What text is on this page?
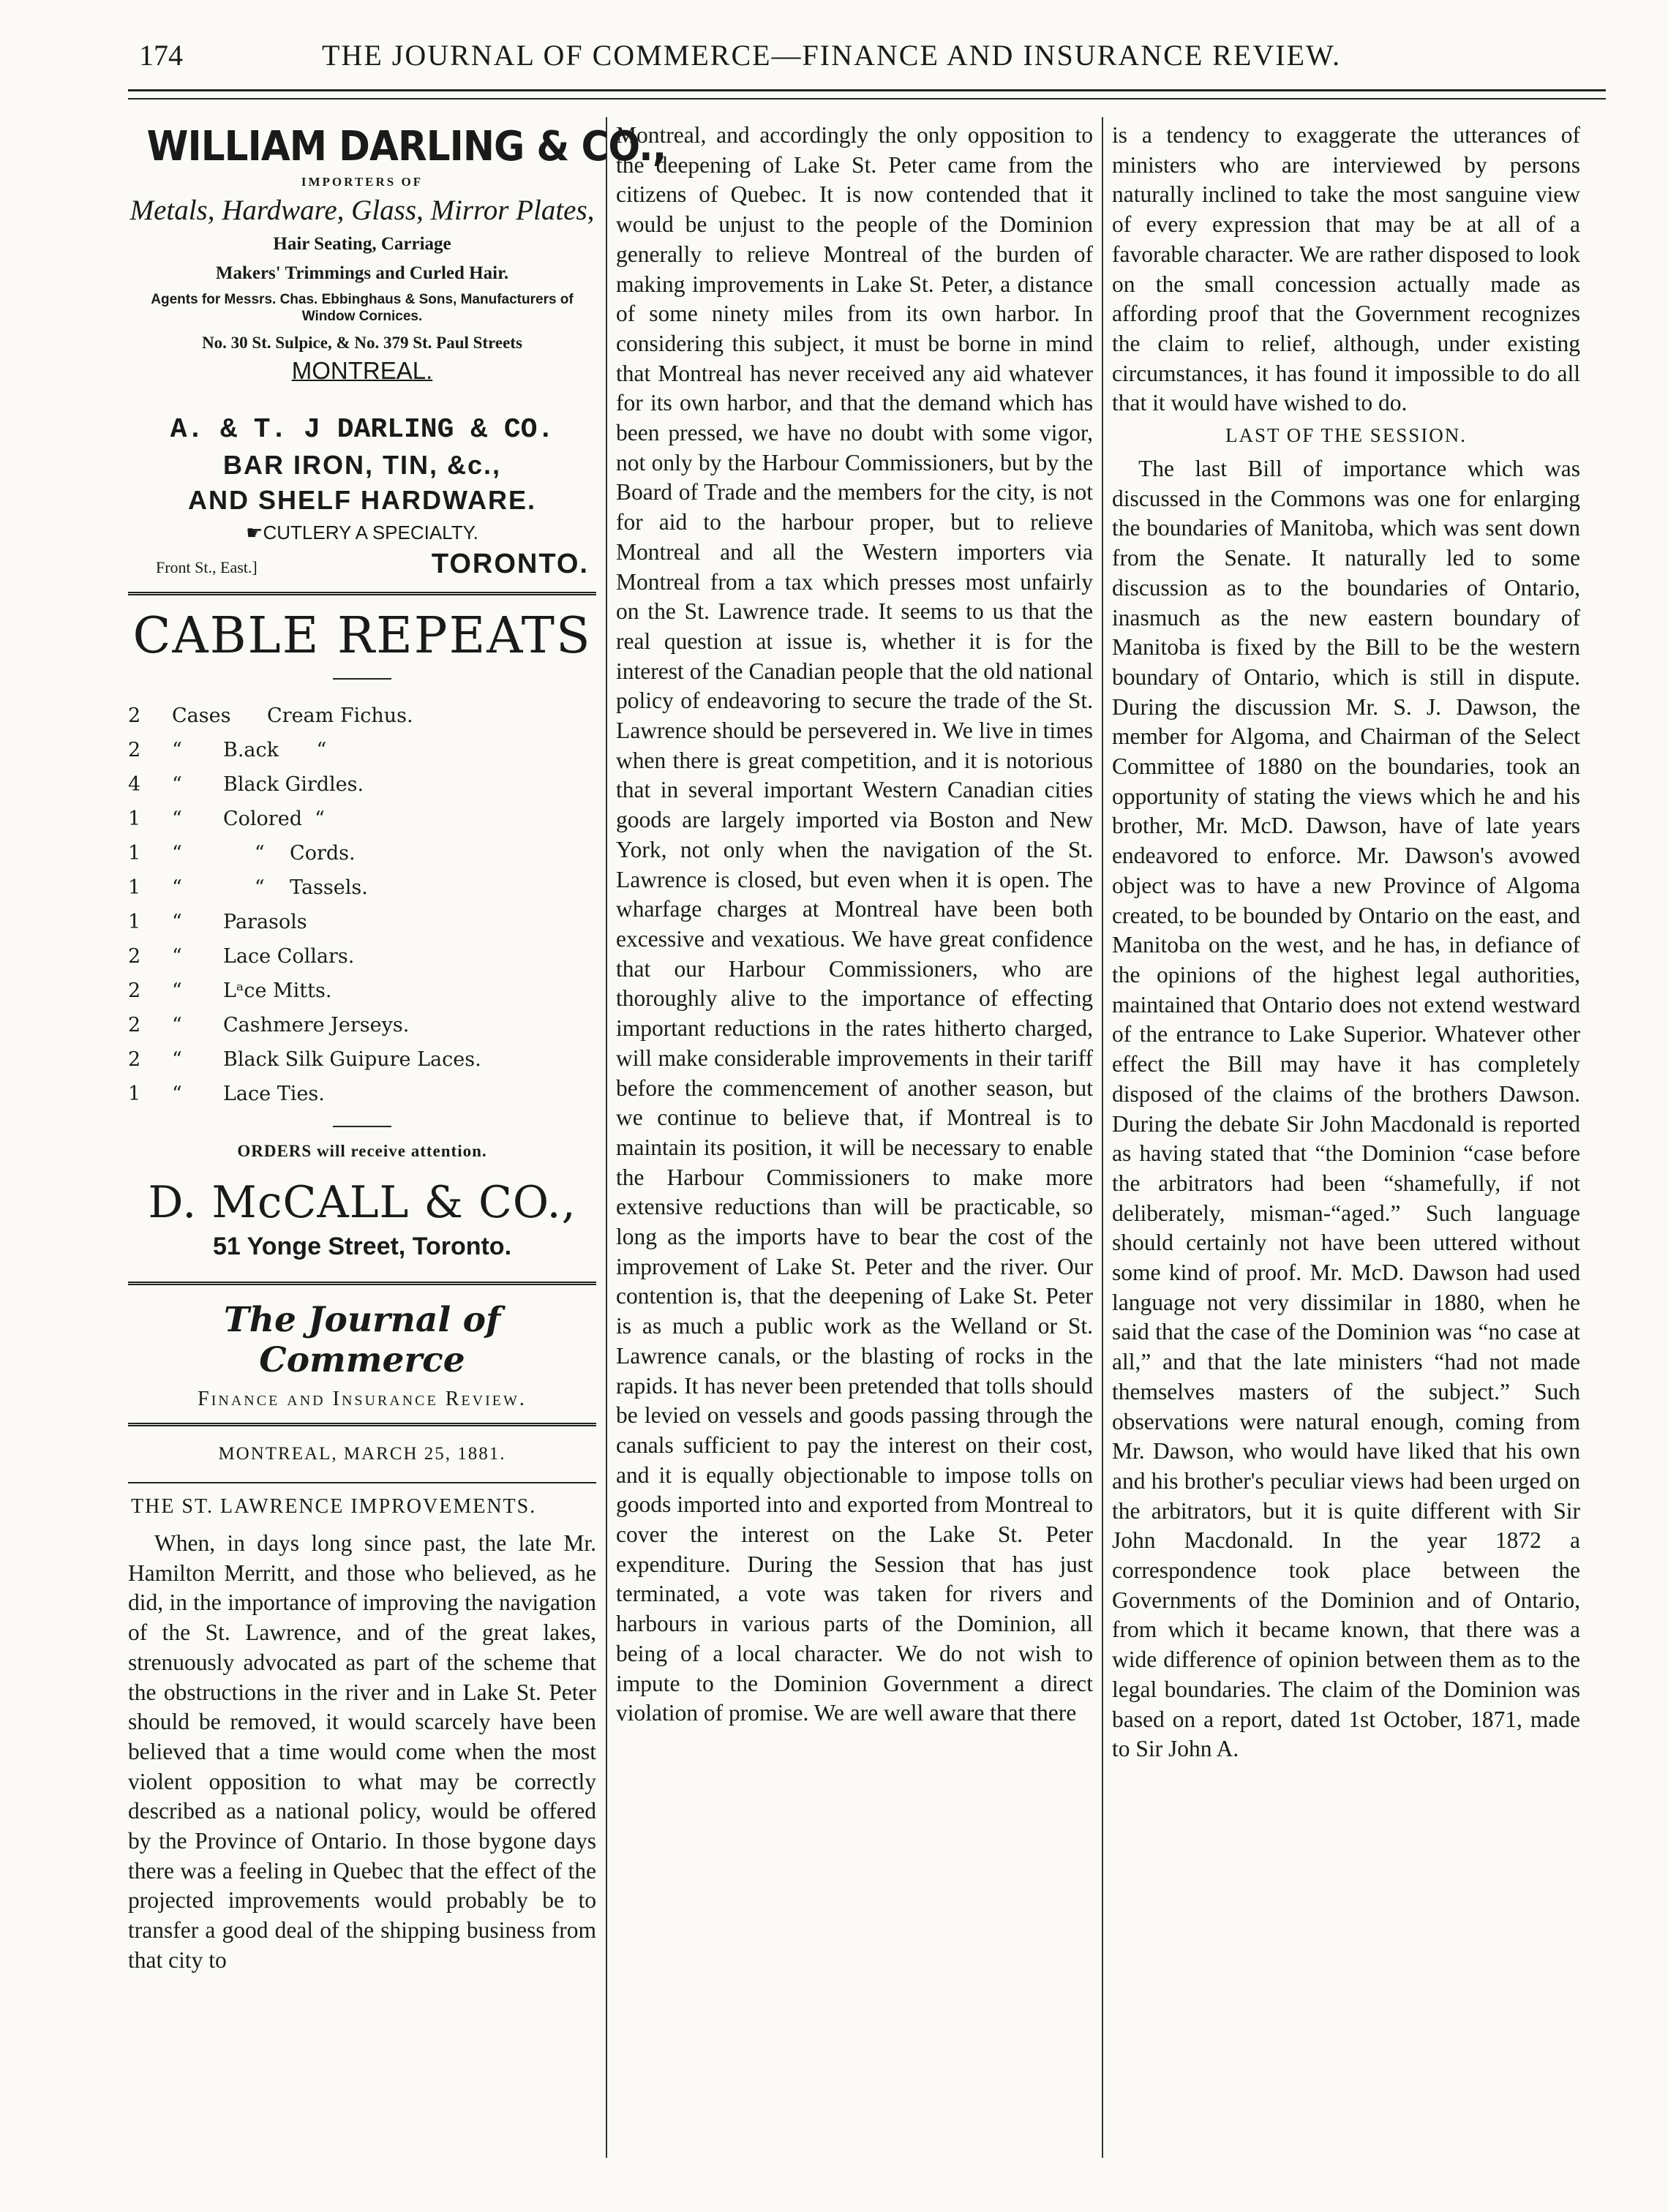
174	THE JOURNAL OF COMMERCE—FINANCE AND INSURANCE REVIEW.
WILLIAM DARLING & CO.,
IMPORTERS OF
Metals, Hardware, Glass, Mirror Plates,
Hair Seating, Carriage
Makers' Trimmings and Curled Hair.
Agents for Messrs. Chas. Ebbinghaus & Sons, Manufacturers of Window Cornices.
No. 30 St. Sulpice, & No. 379 St. Paul Streets
MONTREAL.
A. & T. J DARLING & CO.
BAR IRON, TIN, &c.,
AND SHELF HARDWARE.
☛CUTLERY A SPECIALTY.
Front St., East.]	TORONTO.
CABLE REPEATS
2	Cases	Cream Fichus.
2	“	B.ack      “
4	“	Black Girdles.
1	“	Colored  “
1	“	“    Cords.
1	“	“    Tassels.
1	“	Parasols
2	“	Lace Collars.
2	“	Lᵃce Mitts.
2	“	Cashmere Jerseys.
2	“	Black Silk Guipure Laces.
1	“	Lace Ties.
ORDERS will receive attention.
D. McCALL & CO.,
51 Yonge Street, Toronto.
The Journal of Commerce
Finance and Insurance Review.
MONTREAL, MARCH 25, 1881.
THE ST. LAWRENCE IMPROVEMENTS.

When, in days long since past, the late Mr. Hamilton Merritt, and those who believed, as he did, in the importance of improving the navigation of the St. Lawrence, and of the great lakes, strenuously advocated as part of the scheme that the obstructions in the river and in Lake St. Peter should be removed, it would scarcely have been believed that a time would come when the most violent opposition to what may be correctly described as a national policy, would be offered by the Province of Ontario. In those bygone days there was a feeling in Quebec that the effect of the projected improvements would probably be to transfer a good deal of the shipping business from that city to

Montreal, and accordingly the only opposition to the deepening of Lake St. Peter came from the citizens of Quebec. It is now contended that it would be unjust to the people of the Dominion generally to relieve Montreal of the burden of making improvements in Lake St. Peter, a distance of some ninety miles from its own harbor. In considering this subject, it must be borne in mind that Montreal has never received any aid whatever for its own harbor, and that the demand which has been pressed, we have no doubt with some vigor, not only by the Harbour Commissioners, but by the Board of Trade and the members for the city, is not for aid to the harbour proper, but to relieve Montreal and all the Western importers via Montreal from a tax which presses most unfairly on the St. Lawrence trade. It seems to us that the real question at issue is, whether it is for the interest of the Canadian people that the old national policy of endeavoring to secure the trade of the St. Lawrence should be persevered in. We live in times when there is great competition, and it is notorious that in several important Western Canadian cities goods are largely imported via Boston and New York, not only when the navigation of the St. Lawrence is closed, but even when it is open. The wharfage charges at Montreal have been both excessive and vexatious. We have great confidence that our Harbour Commissioners, who are thoroughly alive to the importance of effecting important reductions in the rates hitherto charged, will make considerable improvements in their tariff before the commencement of another season, but we continue to believe that, if Montreal is to maintain its position, it will be necessary to enable the Harbour Commissioners to make more extensive reductions than will be practicable, so long as the imports have to bear the cost of the improvement of Lake St. Peter and the river. Our contention is, that the deepening of Lake St. Peter is as much a public work as the Welland or St. Lawrence canals, or the blasting of rocks in the rapids. It has never been pretended that tolls should be levied on vessels and goods passing through the canals sufficient to pay the interest on their cost, and it is equally objectionable to impose tolls on goods imported into and exported from Montreal to cover the interest on the Lake St. Peter expenditure. During the Session that has just terminated, a vote was taken for rivers and harbours in various parts of the Dominion, all being of a local character. We do not wish to impute to the Dominion Government a direct violation of promise. We are well aware that there

is a tendency to exaggerate the utterances of ministers who are interviewed by persons naturally inclined to take the most sanguine view of every expression that may be at all of a favorable character. We are rather disposed to look on the small concession actually made as affording proof that the Government recognizes the claim to relief, although, under existing circumstances, it has found it impossible to do all that it would have wished to do.

LAST OF THE SESSION.

The last Bill of importance which was discussed in the Commons was one for enlarging the boundaries of Manitoba, which was sent down from the Senate. It naturally led to some discussion as to the boundaries of Ontario, inasmuch as the new eastern boundary of Manitoba is fixed by the Bill to be the western boundary of Ontario, which is still in dispute. During the discussion Mr. S. J. Dawson, the member for Algoma, and Chairman of the Select Committee of 1880 on the boundaries, took an opportunity of stating the views which he and his brother, Mr. McD. Dawson, have of late years endeavored to enforce. Mr. Dawson's avowed object was to have a new Province of Algoma created, to be bounded by Ontario on the east, and Manitoba on the west, and he has, in defiance of the opinions of the highest legal authorities, maintained that Ontario does not extend westward of the entrance to Lake Superior. Whatever other effect the Bill may have it has completely disposed of the claims of the brothers Dawson. During the debate Sir John Macdonald is reported as having stated that “the Dominion “case before the arbitrators had been “shamefully, if not deliberately, misman-“aged.” Such language should certainly not have been uttered without some kind of proof. Mr. McD. Dawson had used language not very dissimilar in 1880, when he said that the case of the Dominion was “no case at all,” and that the late ministers “had not made themselves masters of the subject.” Such observations were natural enough, coming from Mr. Dawson, who would have liked that his own and his brother's peculiar views had been urged on the arbitrators, but it is quite different with Sir John Macdonald. In the year 1872 a correspondence took place between the Governments of the Dominion and of Ontario, from which it became known, that there was a wide difference of opinion between them as to the legal boundaries. The claim of the Dominion was based on a report, dated 1st October, 1871, made to Sir John A.
